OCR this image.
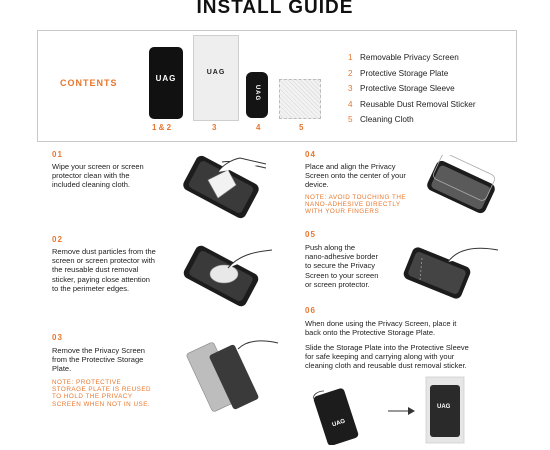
INSTALL GUIDE
CONTENTS	UAG
1 & 2
UAG
3
UAG
4	5
1 Removable Privacy Screen
2 Protective Storage Plate
3 Protective Storage Sleeve
4 Reusable Dust Removal Sticker
5 Cleaning Cloth
01
Wipe your screen or screen
protector clean with the
included cleaning cloth.
02
Remove dust particles from the
screen or screen protector with
the reusable dust removal
sticker, paying close attention
to the perimeter edges.
03
Remove the Privacy Screen
from the Protective Storage
Plate.
NOTE: PROTECTIVE
STORAGE PLATE IS REUSED
TO HOLD THE PRIVACY
SCREEN WHEN NOT IN USE.
04
Place and align the Privacy
Screen onto the center of your
device.
NOTE: AVOID TOUCHING THE
NANO-ADHESIVE DIRECTLY
WITH YOUR FINGERS
05
Push along the
nano-adhesive border
to secure the Privacy
Screen to your screen
or screen protector.
06
When done using the Privacy Screen, place it
back onto the Protective Storage Plate.
Slide the Storage Plate into the Protective Sleeve
for safe keeping and carrying along with your
cleaning cloth and reusable dust removal sticker.
UAG
UAG
